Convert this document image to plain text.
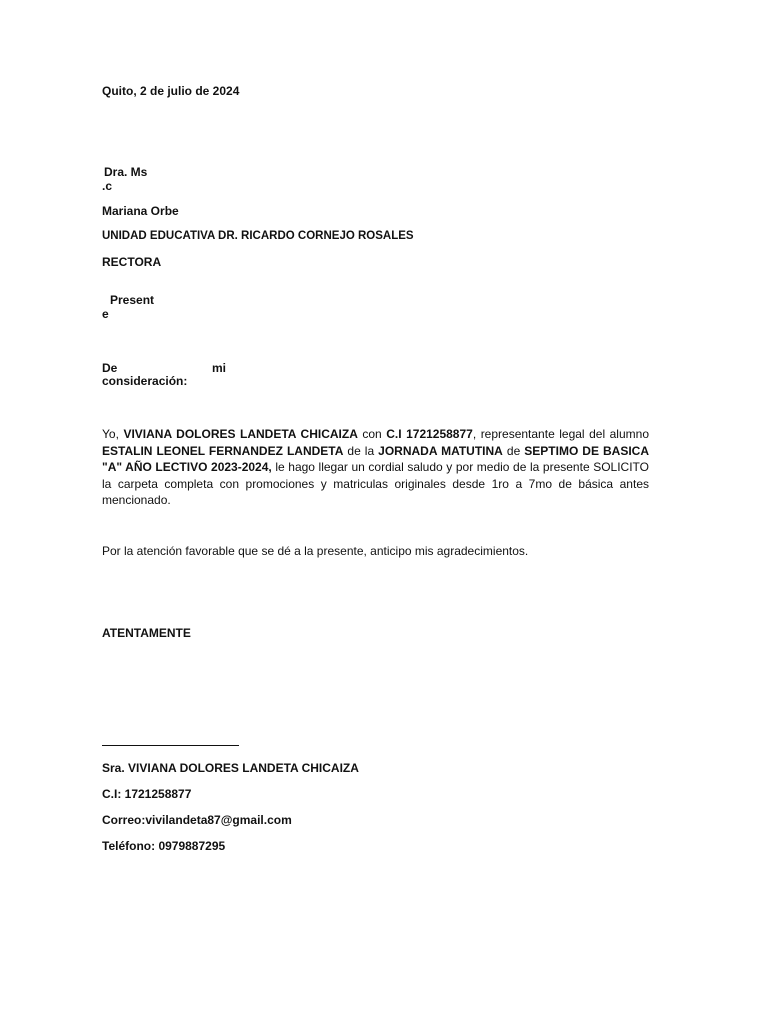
Quito, 2 de julio de 2024
Dra. Ms
.c
Mariana Orbe
UNIDAD EDUCATIVA DR. RICARDO CORNEJO ROSALES
RECTORA
Present
e
De	mi
consideración:
Yo, VIVIANA DOLORES LANDETA CHICAIZA con C.I 1721258877, representante legal del alumno ESTALIN LEONEL FERNANDEZ LANDETA de la JORNADA MATUTINA de SEPTIMO DE BASICA "A" AÑO LECTIVO 2023-2024, le hago llegar un cordial saludo y por medio de la presente SOLICITO la carpeta completa con promociones y matriculas originales desde 1ro a 7mo de básica antes mencionado.
Por la atención favorable que se dé a la presente, anticipo mis agradecimientos.
ATENTAMENTE
Sra. VIVIANA DOLORES LANDETA CHICAIZA
C.I: 1721258877
Correo:vivilandeta87@gmail.com
Teléfono: 0979887295
